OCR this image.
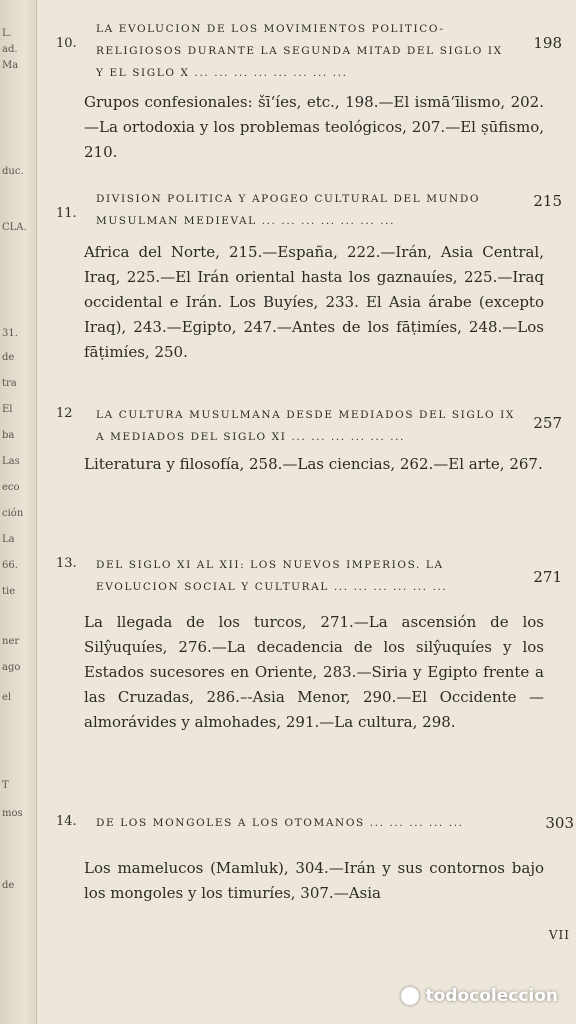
L.
ad.
Ma
duc.
CLA.
31.
de
tra
El
ba
Las
eco
ción
La
66.
tie
ner
ago
el
T
mos
de
10.
LA EVOLUCION DE LOS MOVIMIENTOS POLITICO-RELIGIOSOS DURANTE LA SEGUNDA MITAD DEL SIGLO IX Y EL SIGLO X ... ... ... ... ... ... ... ...
198
Grupos confesionales: šī‘íes, etc., 198.—El ismā‘īlismo, 202.—La ortodoxia y los problemas teológicos, 207.—El ṣūfismo, 210.
11.
DIVISION POLITICA Y APOGEO CULTURAL DEL MUNDO MUSULMAN MEDIEVAL ... ... ... ... ... ... ...
215
Africa del Norte, 215.—España, 222.—Irán, Asia Central, Iraq, 225.—El Irán oriental hasta los gaznauíes, 225.—Iraq occidental e Irán. Los Buyíes, 233. El Asia árabe (excepto Iraq), 243.—Egipto, 247.—Antes de los fāṭimíes, 248.—Los fāṭimíes, 250.
12 LA CULTURA MUSULMANA DESDE MEDIADOS DEL SIGLO IX A MEDIADOS DEL SIGLO XI ... ... ... ... ... ...
257
Literatura y filosofía, 258.—Las ciencias, 262.—El arte, 267.
13. DEL SIGLO XI AL XII: LOS NUEVOS IMPERIOS. LA EVOLUCION SOCIAL Y CULTURAL ... ... ... ... ... ...
271
La llegada de los turcos, 271.—La ascensión de los Silŷuquíes, 276.—La decadencia de los silŷuquíes y los Estados sucesores en Oriente, 283.—Siria y Egipto frente a las Cruzadas, 286.–-Asia Menor, 290.—El Occidente —almorávides y almohades, 291.—La cultura, 298.
14. DE LOS MONGOLES A LOS OTOMANOS ... ... ... ... ...	303
Los mamelucos (Mamluk), 304.—Irán y sus contornos bajo los mongoles y los timuríes, 307.—Asia
VII
todocoleccion
